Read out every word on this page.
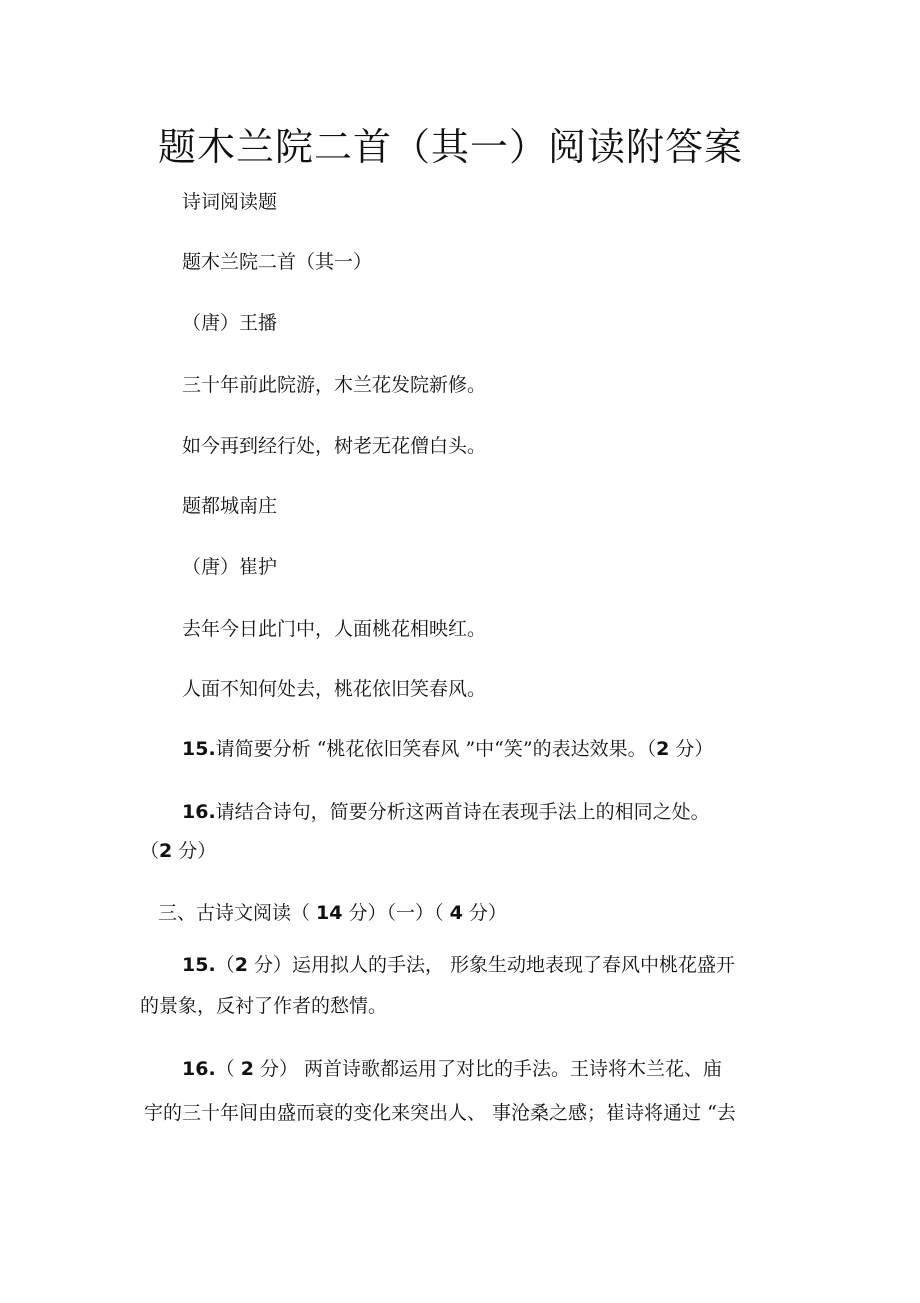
题木兰院二首（其一）阅读附答案
诗词阅读题
题木兰院二首（其一）
（唐）王播
三十年前此院游，木兰花发院新修。
如今再到经行处，树老无花僧白头。
题都城南庄
（唐）崔护
去年今日此门中，人面桃花相映红。
人面不知何处去，桃花依旧笑春风。
15.请简要分析 “桃花依旧笑春风 ”中“笑”的表达效果。（2 分）
16.请结合诗句，简要分析这两首诗在表现手法上的相同之处。
（2 分）
三、古诗文阅读（ 14 分）（一）（ 4 分）
15.（2 分）运用拟人的手法， 形象生动地表现了春风中桃花盛开
的景象，反衬了作者的愁情。
16.（ 2 分） 两首诗歌都运用了对比的手法。王诗将木兰花、庙
宇的三十年间由盛而衰的变化来突出人、 事沧桑之感；崔诗将通过 “去
